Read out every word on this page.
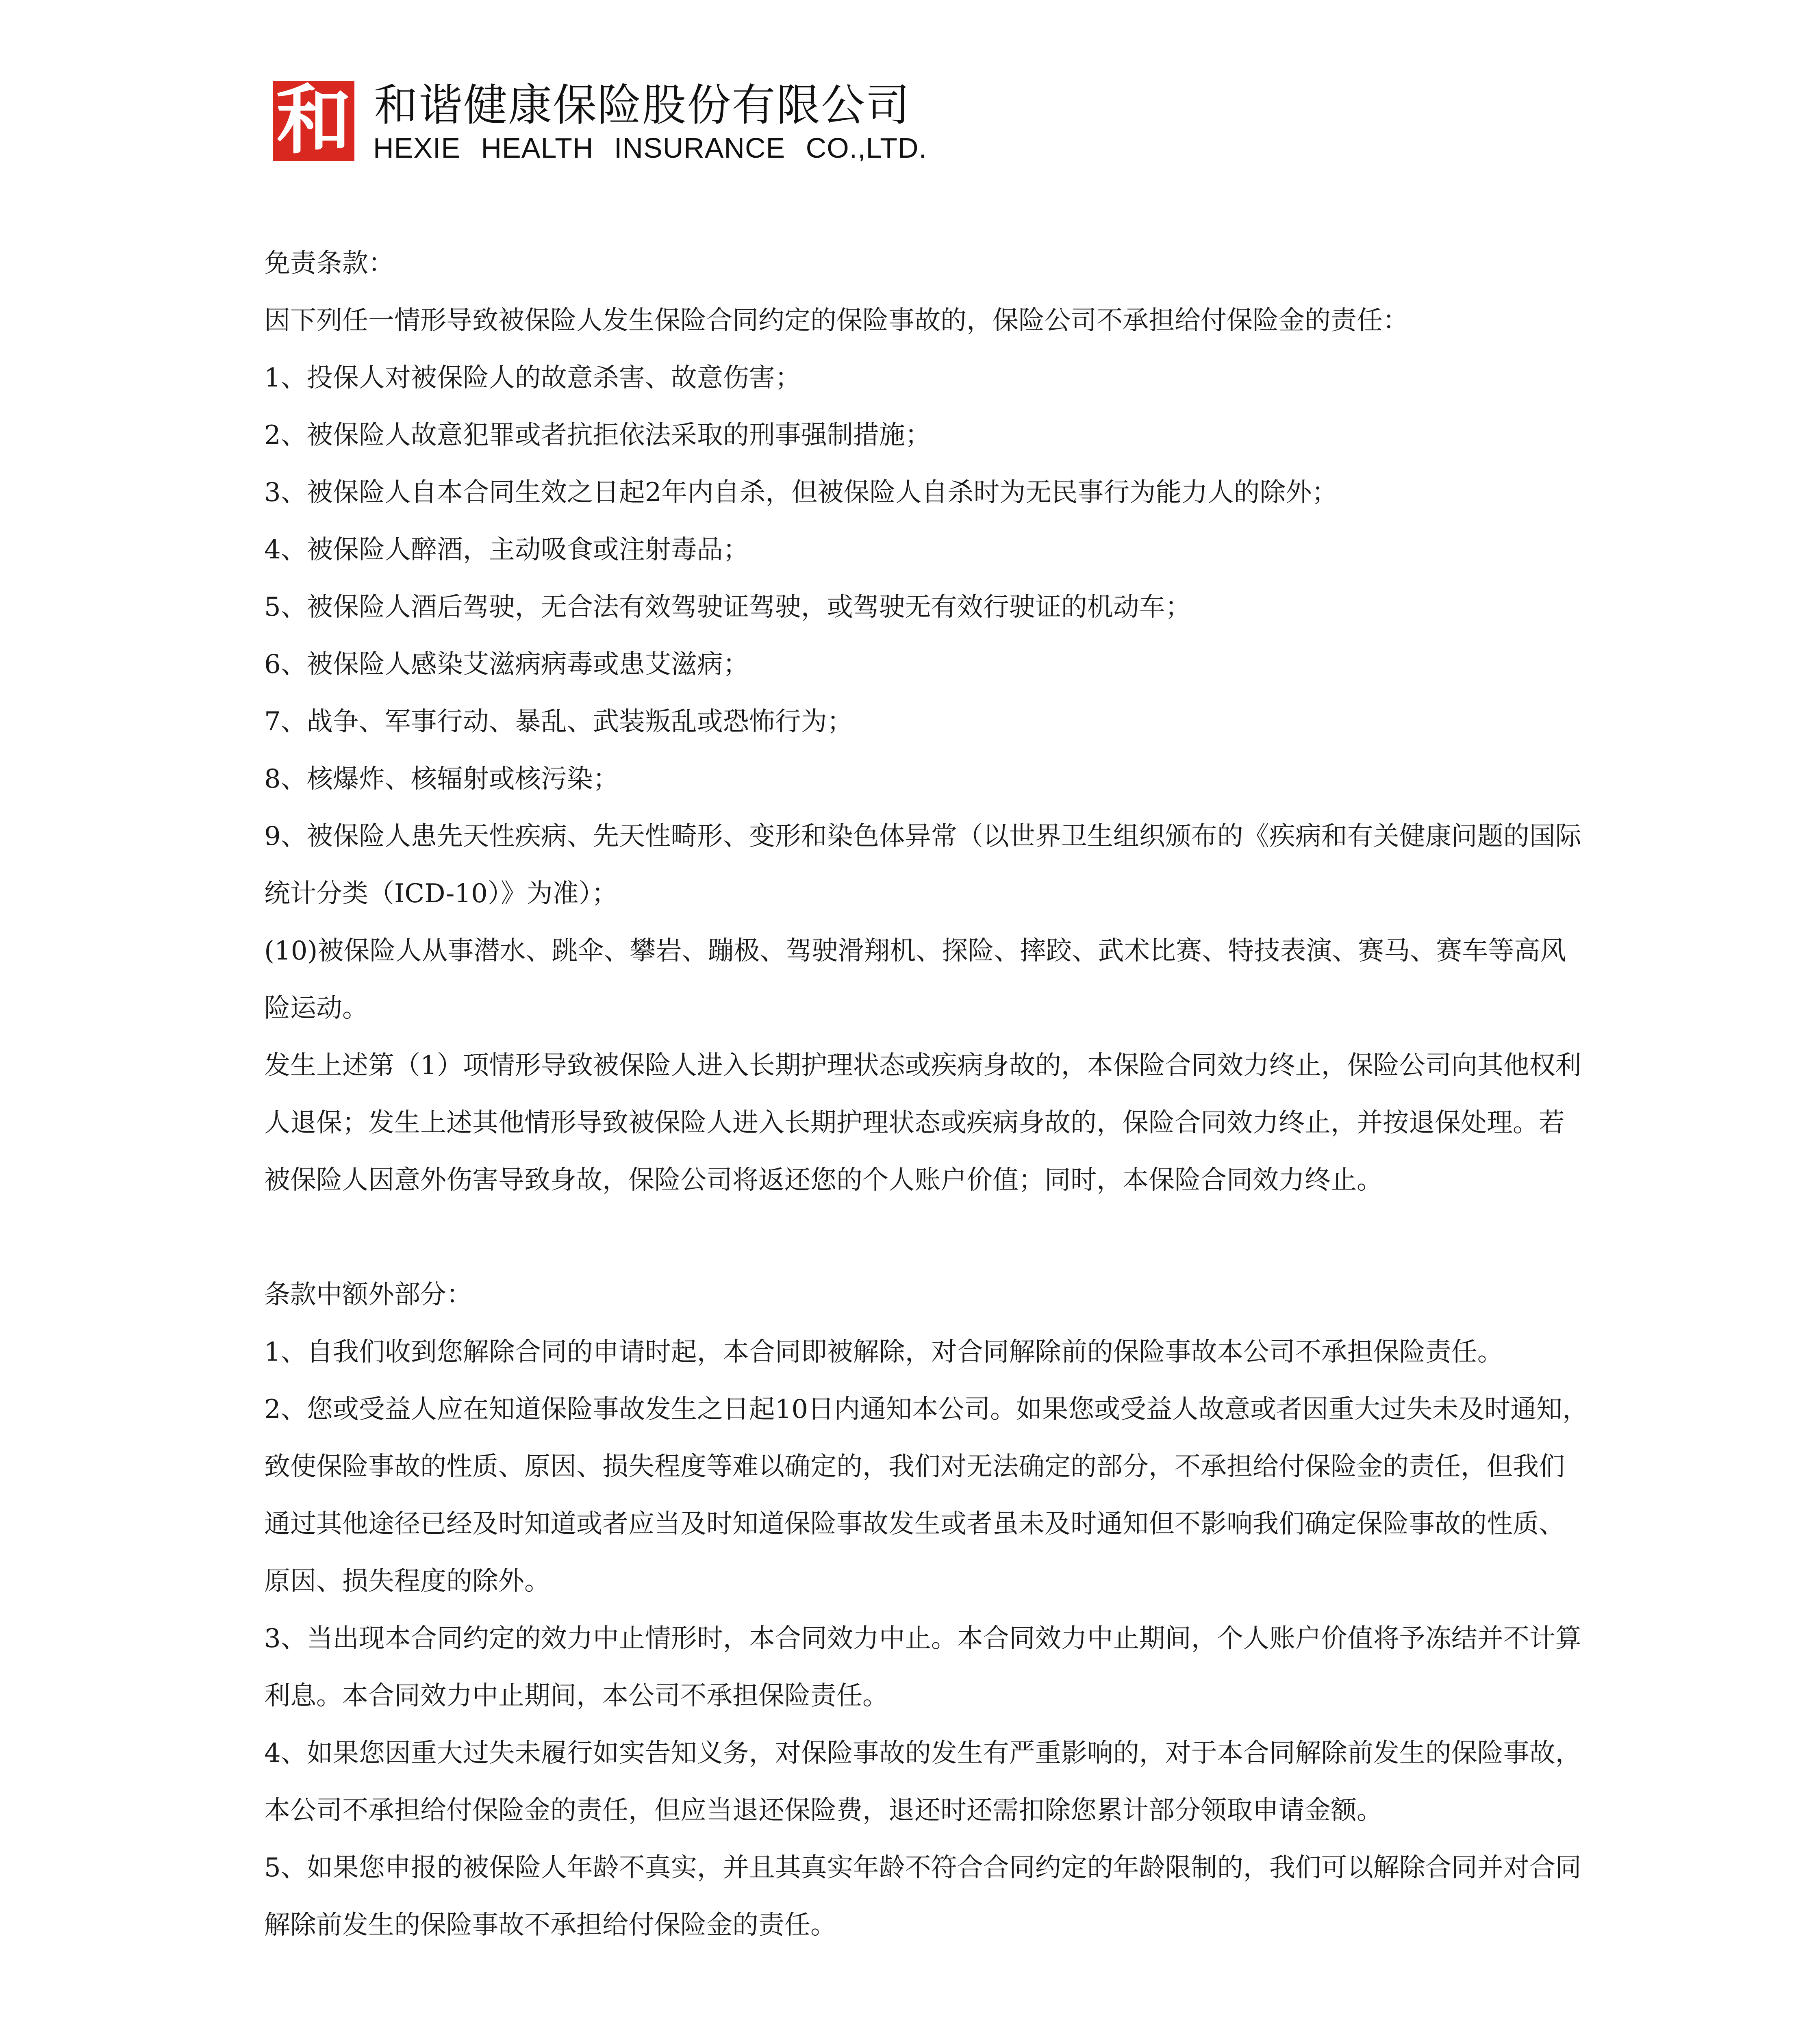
和 和谐健康保险股份有限公司
HEXIE HEALTH INSURANCE CO.,LTD.

免责条款：

因下列任一情形导致被保险人发生保险合同约定的保险事故的，保险公司不承担给付保险金的责任：

1、投保人对被保险人的故意杀害、故意伤害；

2、被保险人故意犯罪或者抗拒依法采取的刑事强制措施；

3、被保险人自本合同生效之日起2年内自杀，但被保险人自杀时为无民事行为能力人的除外；

4、被保险人醉酒，主动吸食或注射毒品；

5、被保险人酒后驾驶，无合法有效驾驶证驾驶，或驾驶无有效行驶证的机动车；

6、被保险人感染艾滋病病毒或患艾滋病；

7、战争、军事行动、暴乱、武装叛乱或恐怖行为；

8、核爆炸、核辐射或核污染；

9、被保险人患先天性疾病、先天性畸形、变形和染色体异常（以世界卫生组织颁布的《疾病和有关健康问题的国际统计分类（ICD-10）》为准）；

(10)被保险人从事潜水、跳伞、攀岩、蹦极、驾驶滑翔机、探险、摔跤、武术比赛、特技表演、赛马、赛车等高风险运动。

发生上述第（1）项情形导致被保险人进入长期护理状态或疾病身故的，本保险合同效力终止，保险公司向其他权利人退保；发生上述其他情形导致被保险人进入长期护理状态或疾病身故的，保险合同效力终止，并按退保处理。若被保险人因意外伤害导致身故，保险公司将返还您的个人账户价值；同时，本保险合同效力终止。

条款中额外部分：

1、自我们收到您解除合同的申请时起，本合同即被解除，对合同解除前的保险事故本公司不承担保险责任。

2、您或受益人应在知道保险事故发生之日起10日内通知本公司。如果您或受益人故意或者因重大过失未及时通知，致使保险事故的性质、原因、损失程度等难以确定的，我们对无法确定的部分，不承担给付保险金的责任，但我们通过其他途径已经及时知道或者应当及时知道保险事故发生或者虽未及时通知但不影响我们确定保险事故的性质、原因、损失程度的除外。

3、当出现本合同约定的效力中止情形时，本合同效力中止。本合同效力中止期间，个人账户价值将予冻结并不计算利息。本合同效力中止期间，本公司不承担保险责任。

4、如果您因重大过失未履行如实告知义务，对保险事故的发生有严重影响的，对于本合同解除前发生的保险事故，本公司不承担给付保险金的责任，但应当退还保险费，退还时还需扣除您累计部分领取申请金额。

5、如果您申报的被保险人年龄不真实，并且其真实年龄不符合合同约定的年龄限制的，我们可以解除合同并对合同解除前发生的保险事故不承担给付保险金的责任。
